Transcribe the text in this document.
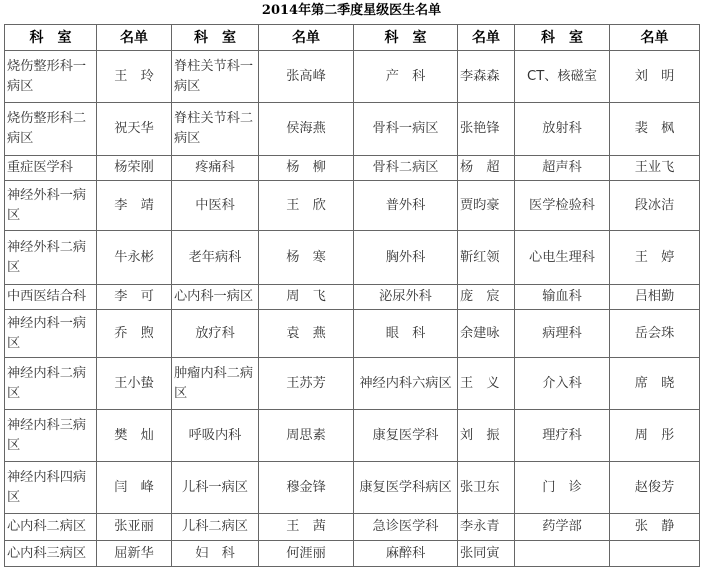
2014年第二季度星级医生名单
科　室	名单	科　室	名单	科　室	名单	科　室	名单
烧伤整形科一病区	王　玲	脊柱关节科一病区	张高峰	产　科	李森森	CT、核磁室	刘　明
烧伤整形科二病区	祝天华	脊柱关节科二病区	侯海燕	骨科一病区	张艳锋	放射科	裴　枫
重症医学科	杨荣刚	疼痛科	杨　柳	骨科二病区	杨　超	超声科	王业飞
神经外科一病区	李　靖	中医科	王　欣	普外科	贾昀豪	医学检验科	段冰洁
神经外科二病区	牛永彬	老年病科	杨　寒	胸外科	靳红领	心电生理科	王　婷
中西医结合科	李　可	心内科一病区	周　飞	泌尿外科	庞　宸	输血科	吕相勤
神经内科一病区	乔　煦	放疗科	袁　燕	眼　科	余建咏	病理科	岳会珠
神经内科二病区	王小蛰	肿瘤内科二病区	王苏芳	神经内科六病区	王　义	介入科	席　晓
神经内科三病区	樊　灿	呼吸内科	周思素	康复医学科	刘　振	理疗科	周　彤
神经内科四病区	闫　峰	儿科一病区	穆金锋	康复医学科病区	张卫东	门　诊	赵俊芳
心内科二病区	张亚丽	儿科二病区	王　茜	急诊医学科	李永青	药学部	张　静
心内科三病区	屈新华	妇　科	何涯丽	麻醉科	张同寅		
